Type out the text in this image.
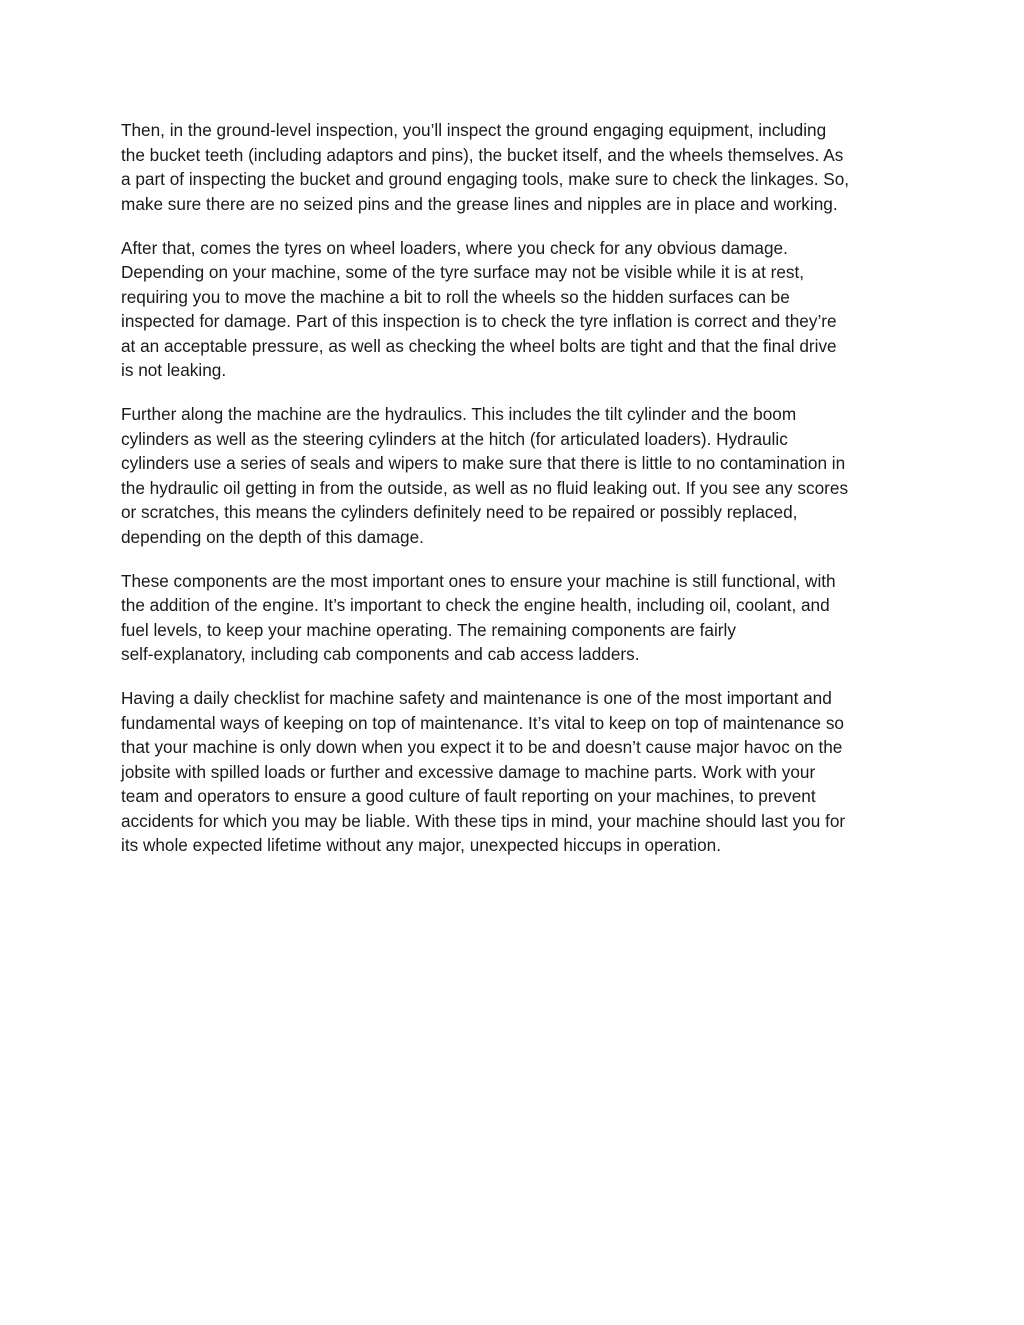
Then, in the ground-level inspection, you’ll inspect the ground engaging equipment, including
the bucket teeth (including adaptors and pins), the bucket itself, and the wheels themselves. As
a part of inspecting the bucket and ground engaging tools, make sure to check the linkages. So,
make sure there are no seized pins and the grease lines and nipples are in place and working.

After that, comes the tyres on wheel loaders, where you check for any obvious damage.
Depending on your machine, some of the tyre surface may not be visible while it is at rest,
requiring you to move the machine a bit to roll the wheels so the hidden surfaces can be
inspected for damage. Part of this inspection is to check the tyre inflation is correct and they’re
at an acceptable pressure, as well as checking the wheel bolts are tight and that the final drive
is not leaking.

Further along the machine are the hydraulics. This includes the tilt cylinder and the boom
cylinders as well as the steering cylinders at the hitch (for articulated loaders). Hydraulic
cylinders use a series of seals and wipers to make sure that there is little to no contamination in
the hydraulic oil getting in from the outside, as well as no fluid leaking out. If you see any scores
or scratches, this means the cylinders definitely need to be repaired or possibly replaced,
depending on the depth of this damage.

These components are the most important ones to ensure your machine is still functional, with
the addition of the engine. It’s important to check the engine health, including oil, coolant, and
fuel levels, to keep your machine operating. The remaining components are fairly
self-explanatory, including cab components and cab access ladders.

Having a daily checklist for machine safety and maintenance is one of the most important and
fundamental ways of keeping on top of maintenance. It’s vital to keep on top of maintenance so
that your machine is only down when you expect it to be and doesn’t cause major havoc on the
jobsite with spilled loads or further and excessive damage to machine parts. Work with your
team and operators to ensure a good culture of fault reporting on your machines, to prevent
accidents for which you may be liable. With these tips in mind, your machine should last you for
its whole expected lifetime without any major, unexpected hiccups in operation.
